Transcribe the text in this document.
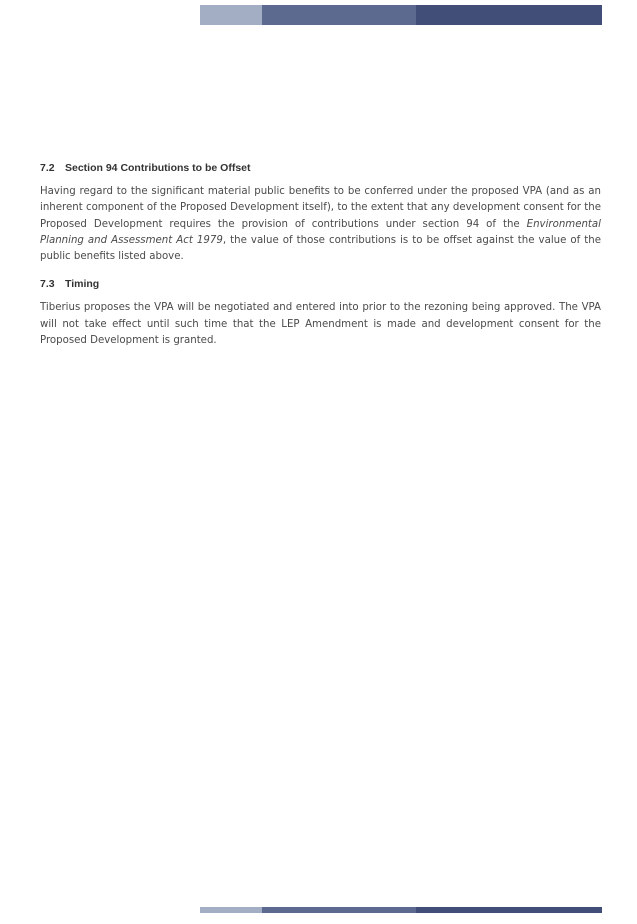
7.2 Section 94 Contributions to be Offset

Having regard to the significant material public benefits to be conferred under the proposed VPA (and as an inherent component of the Proposed Development itself), to the extent that any development consent for the Proposed Development requires the provision of contributions under section 94 of the Environmental Planning and Assessment Act 1979, the value of those contributions is to be offset against the value of the public benefits listed above.

7.3 Timing

Tiberius proposes the VPA will be negotiated and entered into prior to the rezoning being approved. The VPA will not take effect until such time that the LEP Amendment is made and development consent for the Proposed Development is granted.
